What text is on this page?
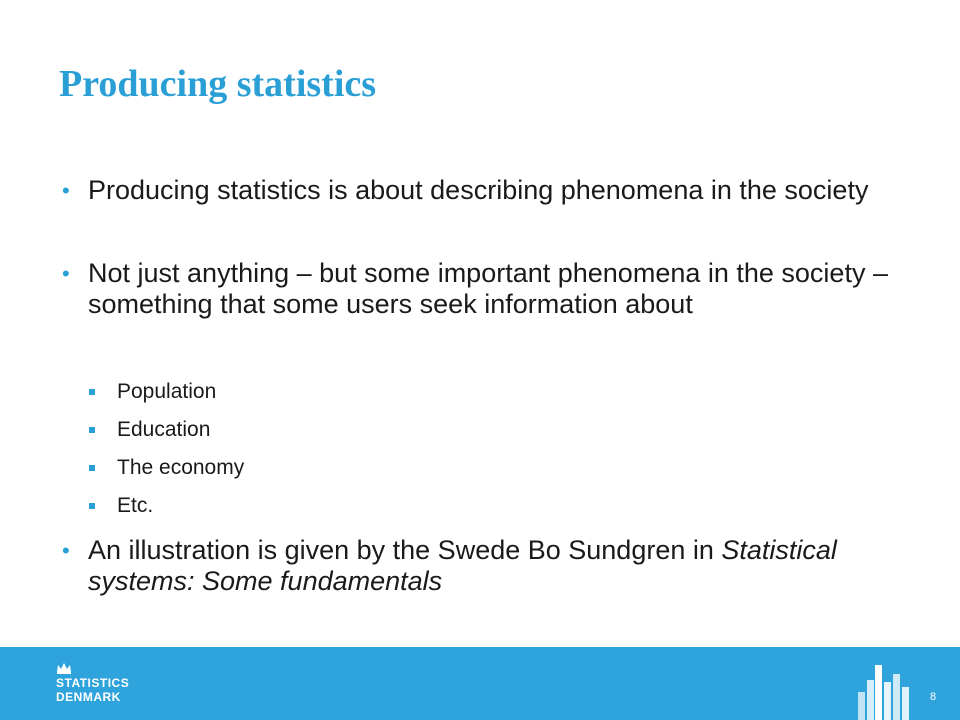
Producing statistics
• Producing statistics is about describing phenomena in the society
• Not just anything – but some important phenomena in the society – something that some users seek information about
Population
Education
The economy
Etc.
• An illustration is given by the Swede Bo Sundgren in Statistical systems: Some fundamentals
STATISTICS
DENMARK	8
